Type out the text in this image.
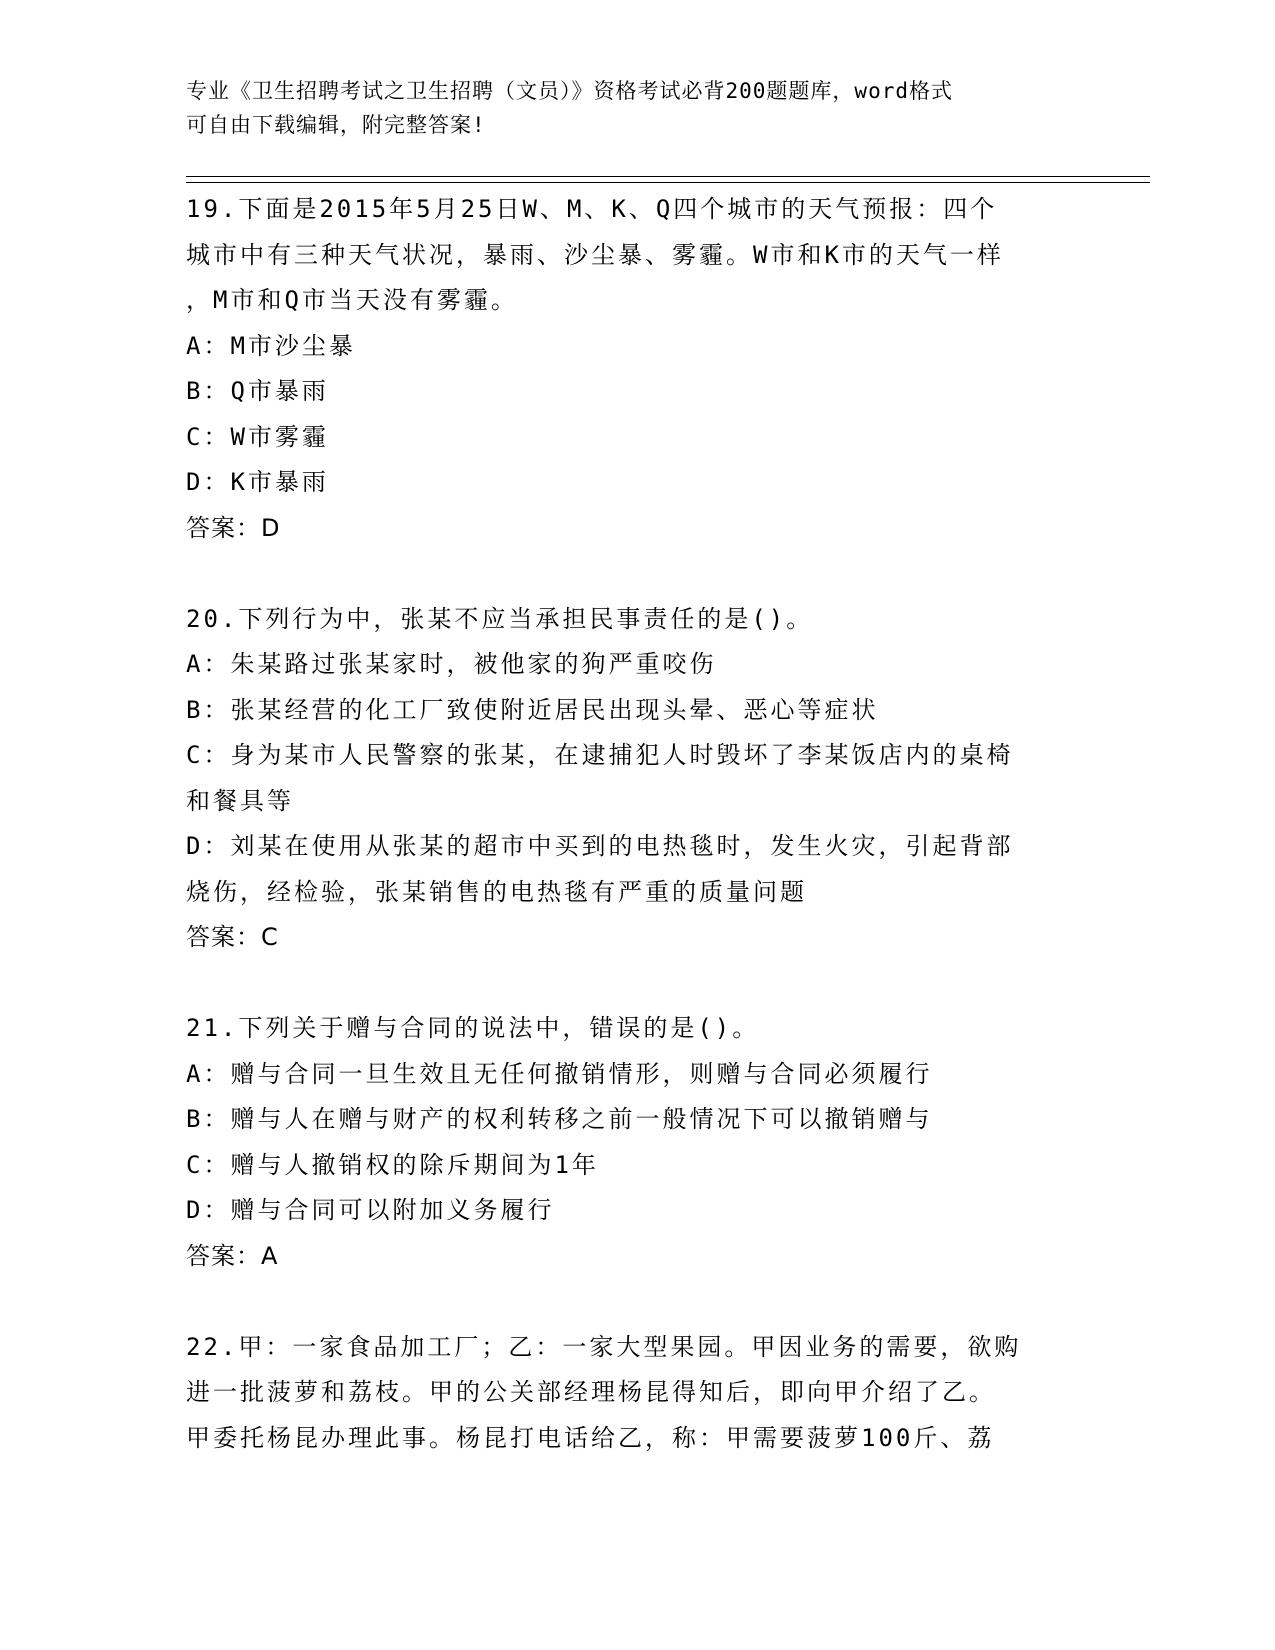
专业《卫生招聘考试之卫生招聘（文员）》资格考试必背200题题库，word格式

可自由下载编辑，附完整答案!

19.下面是2015年5月25日W、M、K、Q四个城市的天气预报：四个

城市中有三种天气状况，暴雨、沙尘暴、雾霾。W市和K市的天气一样

，M市和Q市当天没有雾霾。

A：M市沙尘暴

B：Q市暴雨

C：W市雾霾

D：K市暴雨

答案：D

20.下列行为中，张某不应当承担民事责任的是()。

A：朱某路过张某家时，被他家的狗严重咬伤

B：张某经营的化工厂致使附近居民出现头晕、恶心等症状

C：身为某市人民警察的张某，在逮捕犯人时毁坏了李某饭店内的桌椅

和餐具等

D：刘某在使用从张某的超市中买到的电热毯时，发生火灾，引起背部

烧伤，经检验，张某销售的电热毯有严重的质量问题

答案：C

21.下列关于赠与合同的说法中，错误的是()。

A：赠与合同一旦生效且无任何撤销情形，则赠与合同必须履行

B：赠与人在赠与财产的权利转移之前一般情况下可以撤销赠与

C：赠与人撤销权的除斥期间为1年

D：赠与合同可以附加义务履行

答案：A

22.甲：一家食品加工厂；乙：一家大型果园。甲因业务的需要，欲购

进一批菠萝和荔枝。甲的公关部经理杨昆得知后，即向甲介绍了乙。

甲委托杨昆办理此事。杨昆打电话给乙，称：甲需要菠萝100斤、荔
